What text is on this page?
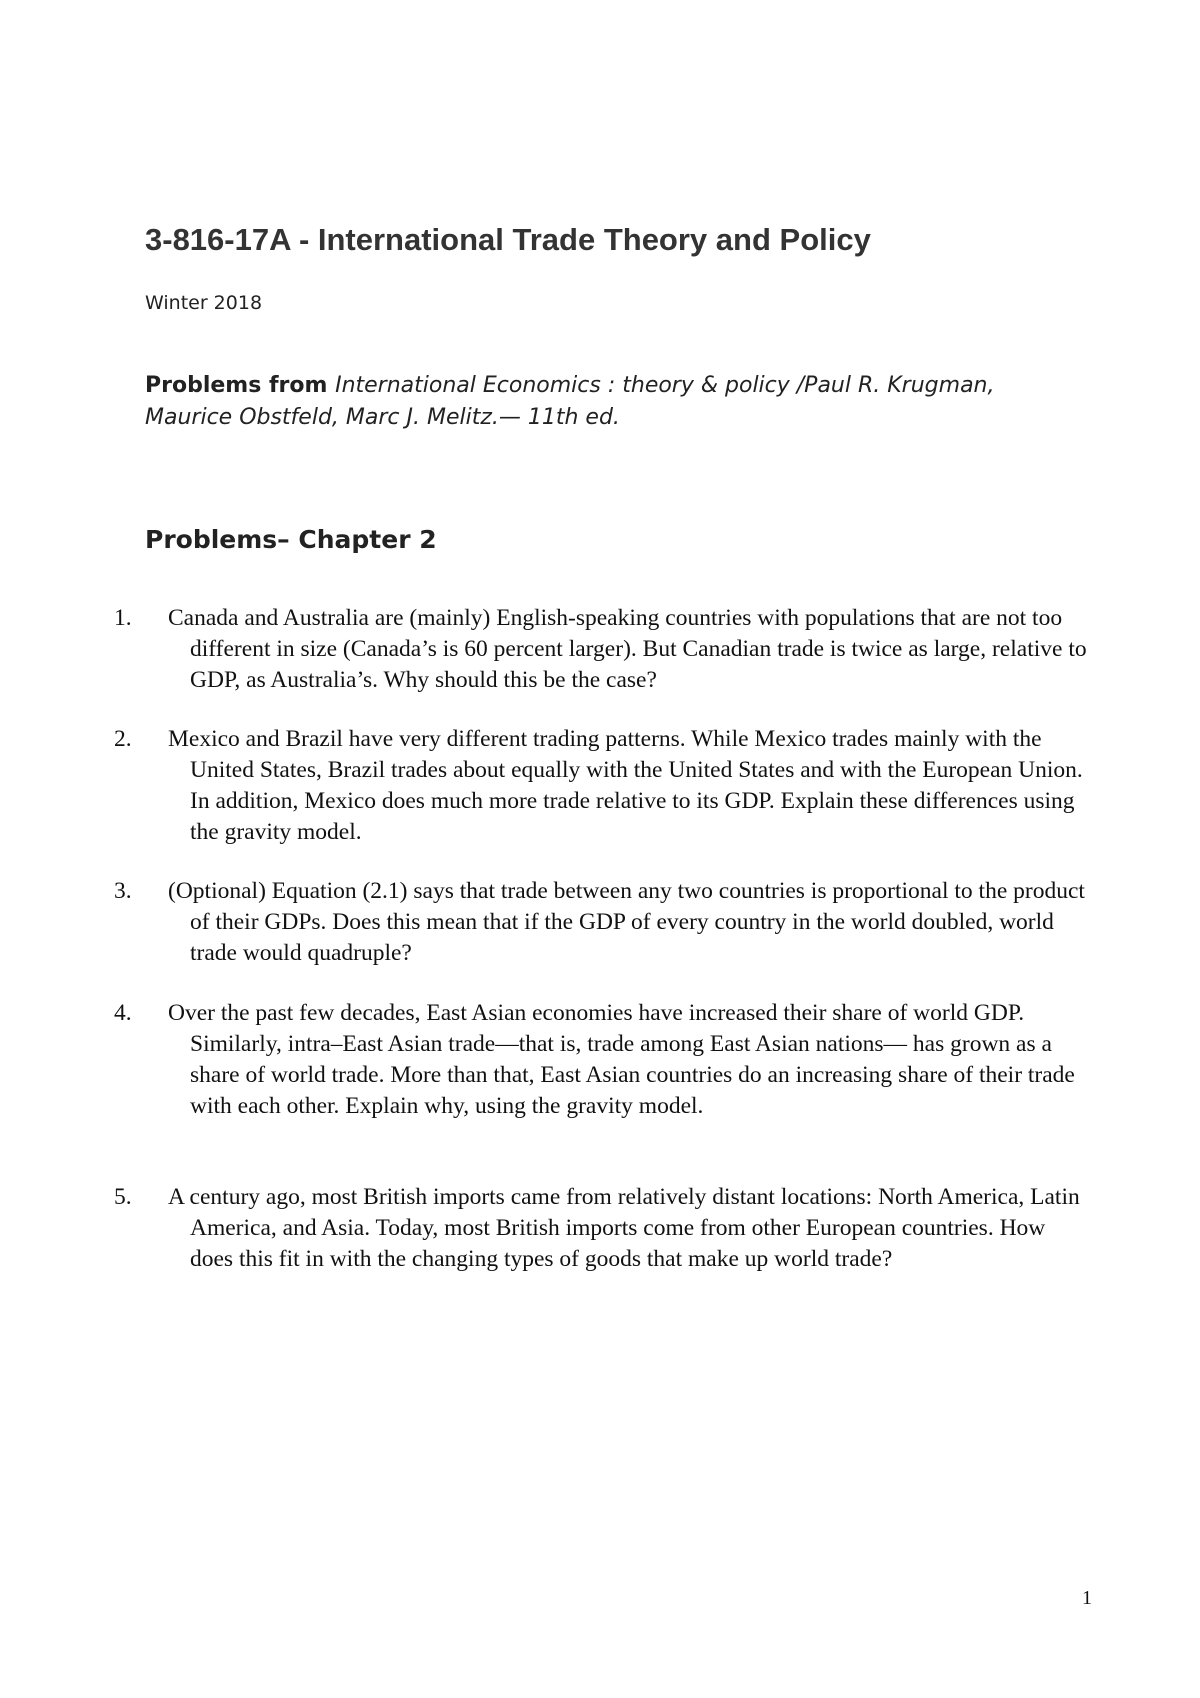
3-816-17A - International Trade Theory and Policy
Winter 2018
Problems from International Economics : theory & policy /Paul R. Krugman, Maurice Obstfeld, Marc J. Melitz.— 11th ed.
Problems– Chapter 2
1.	Canada and Australia are (mainly) English-speaking countries with populations that are not too different in size (Canada’s is 60 percent larger). But Canadian trade is twice as large, relative to GDP, as Australia’s. Why should this be the case?
2.	Mexico and Brazil have very different trading patterns. While Mexico trades mainly with the United States, Brazil trades about equally with the United States and with the European Union. In addition, Mexico does much more trade relative to its GDP. Explain these differences using the gravity model.
3.	(Optional) Equation (2.1) says that trade between any two countries is proportional to the product of their GDPs. Does this mean that if the GDP of every country in the world doubled, world trade would quadruple?
4.	Over the past few decades, East Asian economies have increased their share of world GDP. Similarly, intra–East Asian trade—that is, trade among East Asian nations— has grown as a share of world trade. More than that, East Asian countries do an increasing share of their trade with each other. Explain why, using the gravity model.
5.	A century ago, most British imports came from relatively distant locations: North America, Latin America, and Asia. Today, most British imports come from other European countries. How does this fit in with the changing types of goods that make up world trade?
1
